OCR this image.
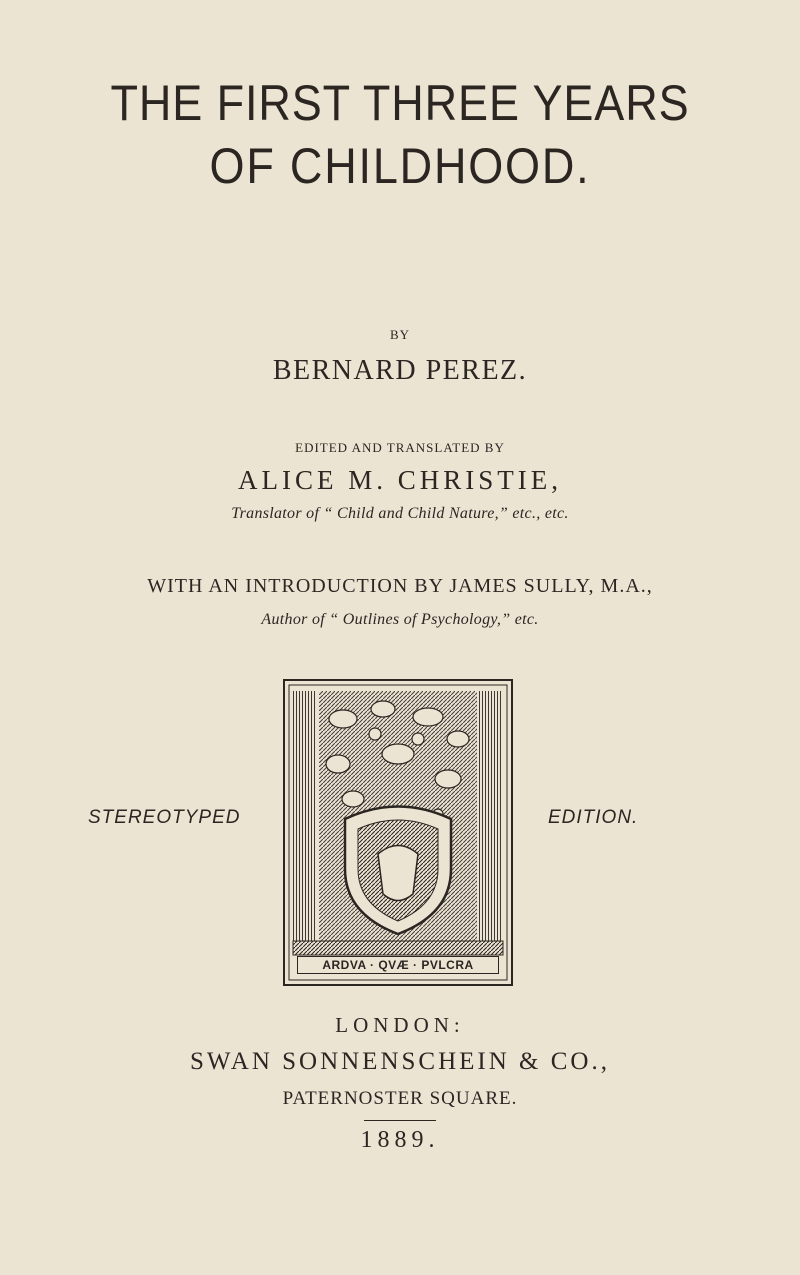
THE FIRST THREE YEARS
OF CHILDHOOD.
BY
BERNARD PEREZ.
EDITED AND TRANSLATED BY
ALICE M. CHRISTIE,
Translator of “ Child and Child Nature,” etc., etc.
WITH AN INTRODUCTION BY JAMES SULLY, M.A.,
Author of “ Outlines of Psychology,” etc.
STEREOTYPED	EDITION.
ARDVA · QVÆ · PVLCRA
LONDON:
SWAN SONNENSCHEIN & CO.,
PATERNOSTER SQUARE.
1889.
